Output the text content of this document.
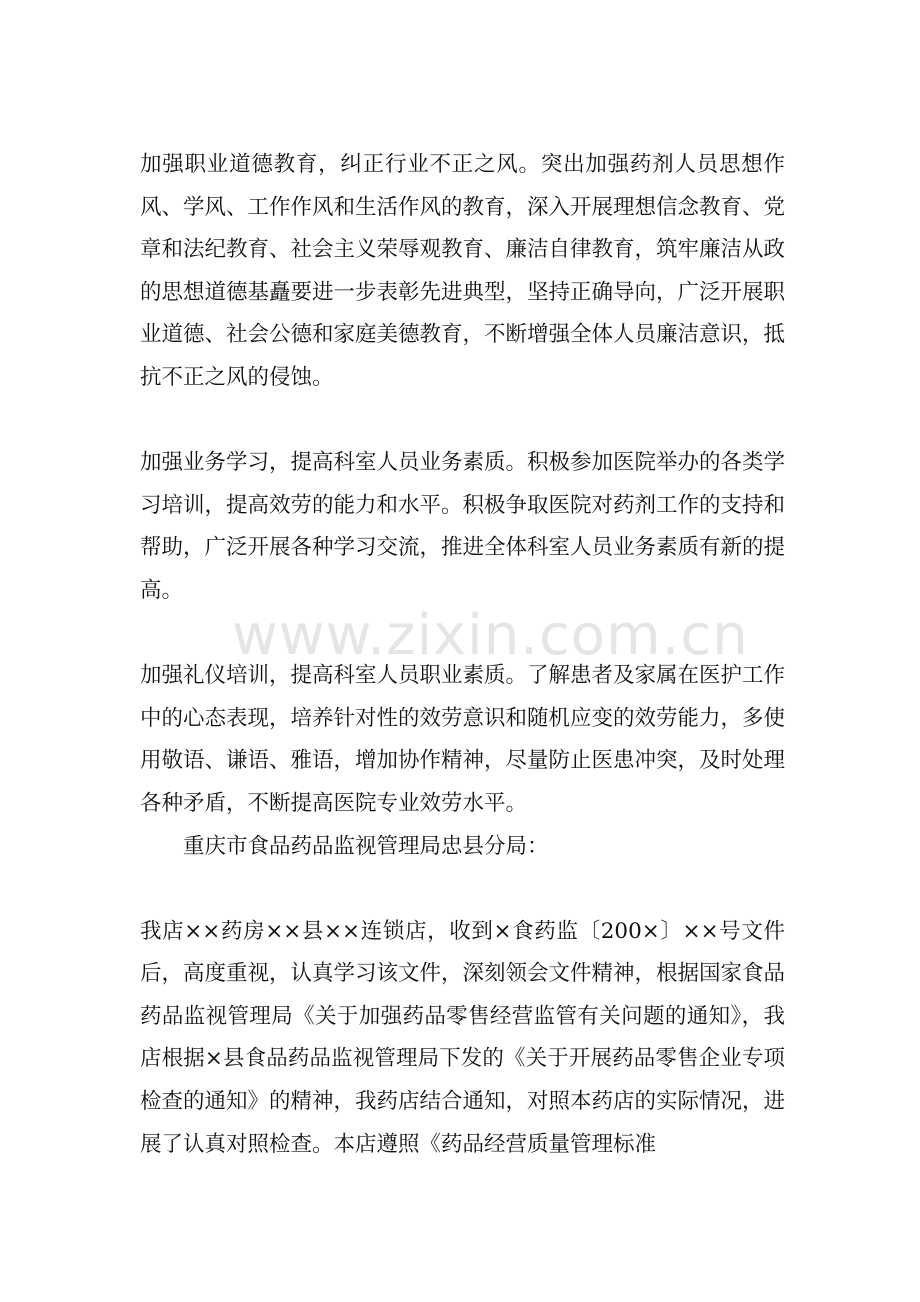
加强职业道德教育，纠正行业不正之风。突出加强药剂人员思想作风、学风、工作作风和生活作风的教育，深入开展理想信念教育、党章和法纪教育、社会主义荣辱观教育、廉洁自律教育，筑牢廉洁从政的思想道德基矗要进一步表彰先进典型，坚持正确导向，广泛开展职业道德、社会公德和家庭美德教育，不断增强全体人员廉洁意识，抵抗不正之风的侵蚀。

加强业务学习，提高科室人员业务素质。积极参加医院举办的各类学习培训，提高效劳的能力和水平。积极争取医院对药剂工作的支持和帮助，广泛开展各种学习交流，推进全体科室人员业务素质有新的提高。

加强礼仪培训，提高科室人员职业素质。了解患者及家属在医护工作中的心态表现，培养针对性的效劳意识和随机应变的效劳能力，多使用敬语、谦语、雅语，增加协作精神，尽量防止医患冲突，及时处理各种矛盾，不断提高医院专业效劳水平。

重庆市食品药品监视管理局忠县分局：

我店××药房××县××连锁店，收到×食药监〔200×〕××号文件后，高度重视，认真学习该文件，深刻领会文件精神，根据国家食品药品监视管理局《关于加强药品零售经营监管有关问题的通知》，我店根据×县食品药品监视管理局下发的《关于开展药品零售企业专项检查的通知》的精神，我药店结合通知，对照本药店的实际情况，进展了认真对照检查。本店遵照《药品经营质量管理标准

www.zixin.com.cn
